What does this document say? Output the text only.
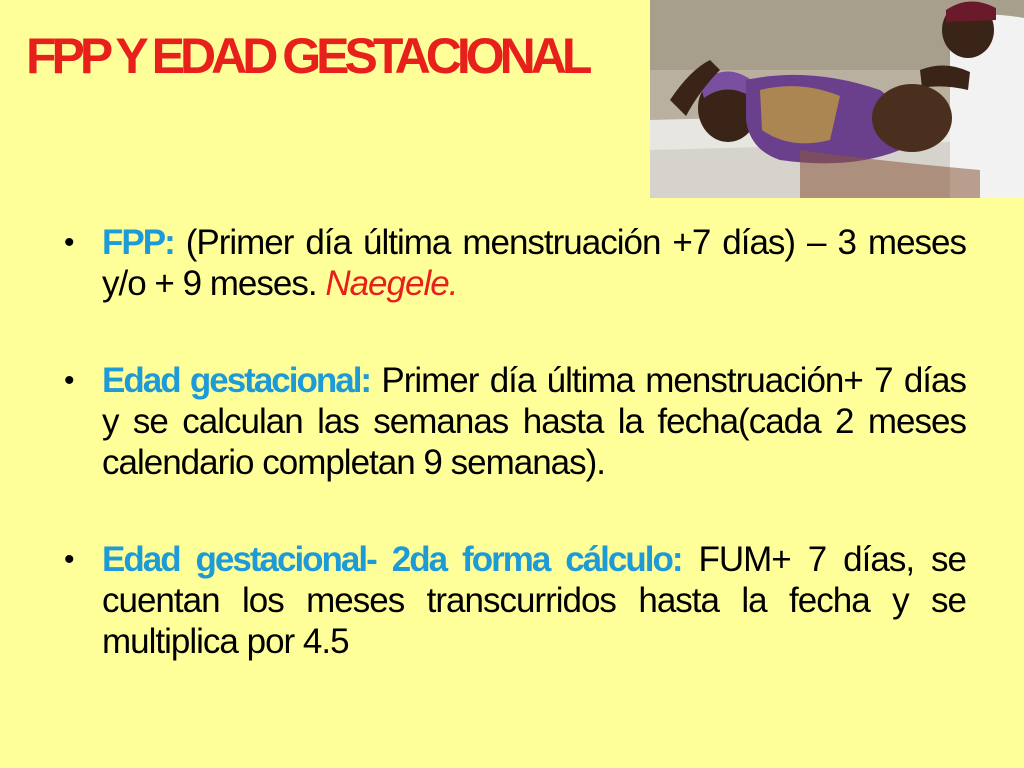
FPP Y EDAD GESTACIONAL
• FPP: (Primer día última menstruación +7 días) – 3 meses y/o + 9 meses. Naegele.
• Edad gestacional: Primer día última menstruación+ 7 días y se calculan las semanas hasta la fecha(cada 2 meses calendario completan 9 semanas).
• Edad gestacional- 2da forma cálculo: FUM+ 7 días, se cuentan los meses transcurridos hasta la fecha y se multiplica por 4.5
